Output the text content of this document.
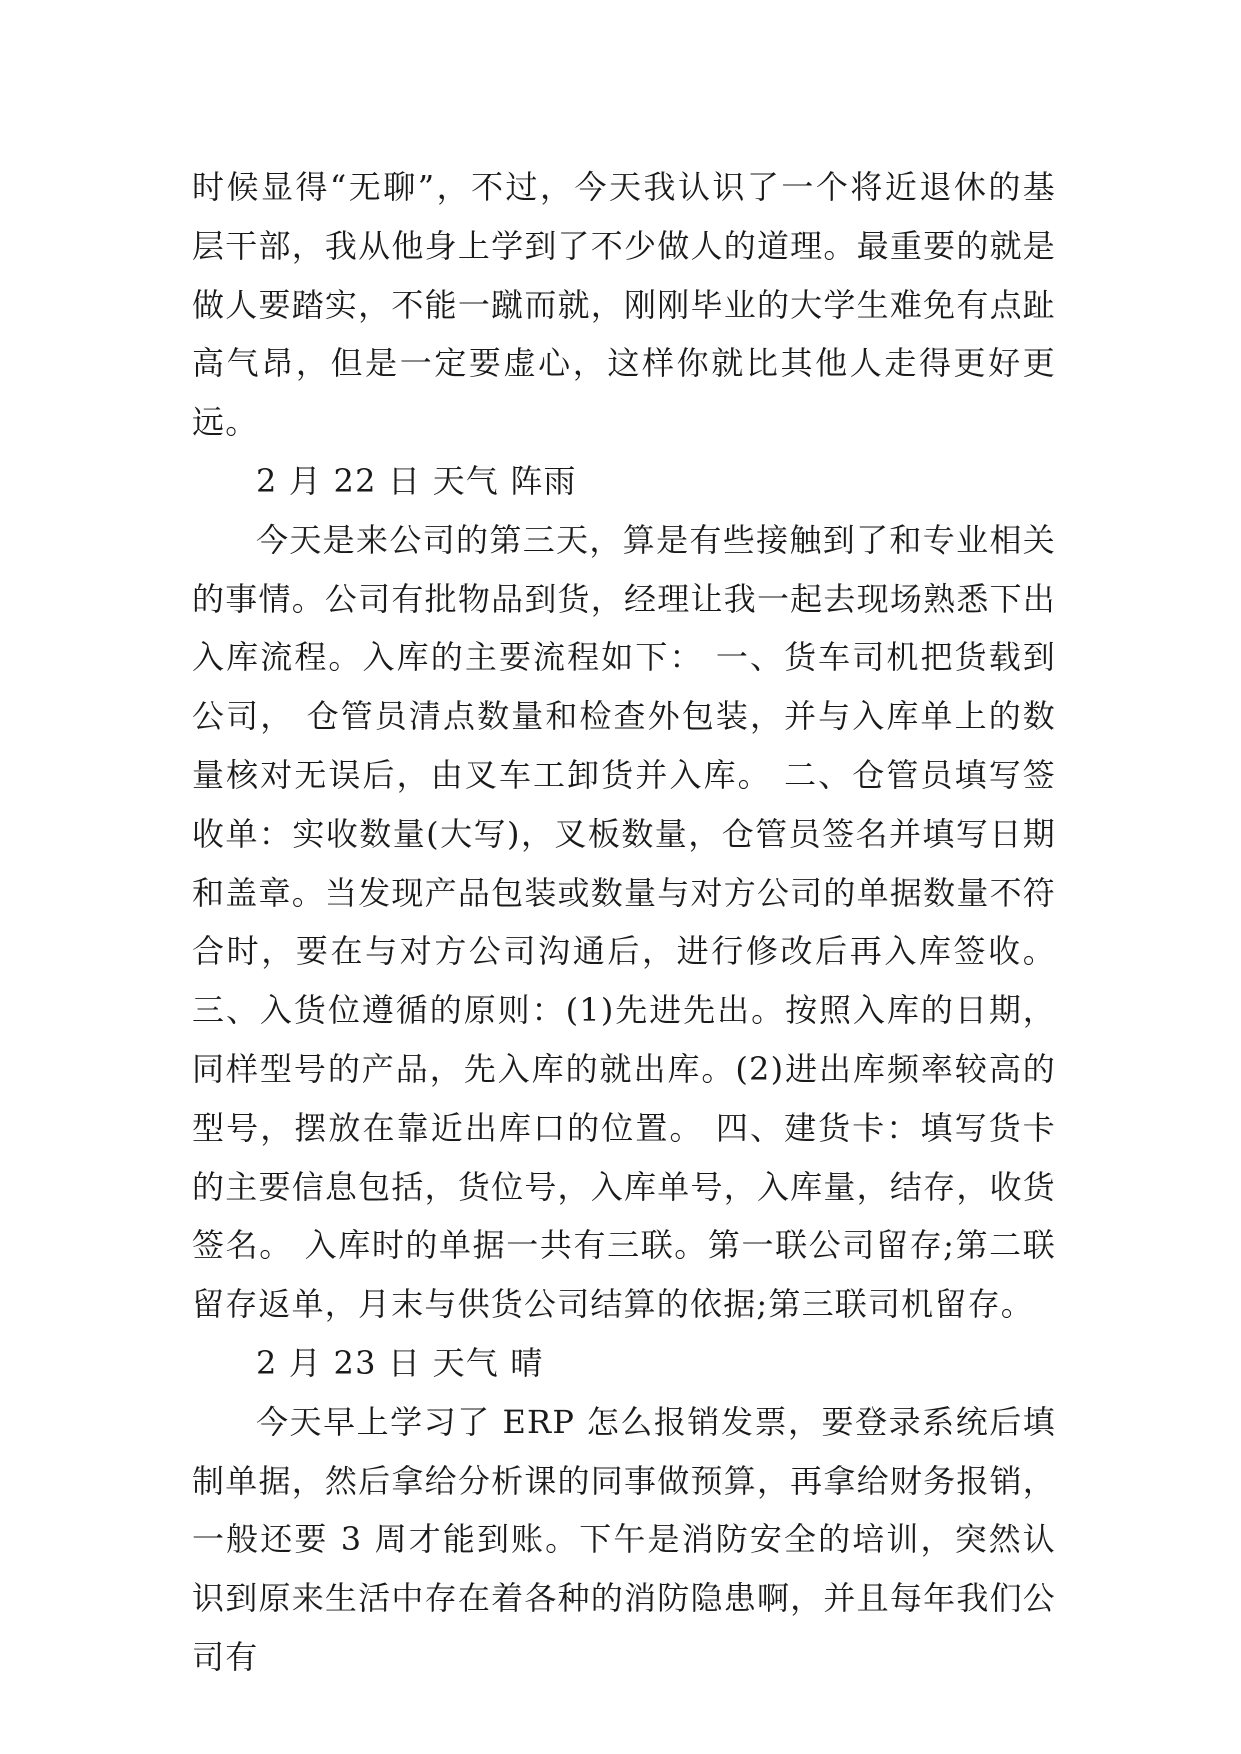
时候显得“无聊”，不过，今天我认识了一个将近退休的基层干部，我从他身上学到了不少做人的道理。最重要的就是做人要踏实，不能一蹴而就，刚刚毕业的大学生难免有点趾高气昂，但是一定要虚心，这样你就比其他人走得更好更远。

2 月 22 日 天气 阵雨

今天是来公司的第三天，算是有些接触到了和专业相关的事情。公司有批物品到货，经理让我一起去现场熟悉下出入库流程。入库的主要流程如下： 一、货车司机把货载到公司， 仓管员清点数量和检查外包装，并与入库单上的数量核对无误后，由叉车工卸货并入库。 二、仓管员填写签收单：实收数量(大写)，叉板数量，仓管员签名并填写日期和盖章。当发现产品包装或数量与对方公司的单据数量不符合时，要在与对方公司沟通后，进行修改后再入库签收。三、入货位遵循的原则：(1)先进先出。按照入库的日期，同样型号的产品，先入库的就出库。(2)进出库频率较高的型号，摆放在靠近出库口的位置。 四、建货卡：填写货卡的主要信息包括，货位号，入库单号，入库量，结存，收货签名。 入库时的单据一共有三联。第一联公司留存;第二联留存返单，月末与供货公司结算的依据;第三联司机留存。

2 月 23 日 天气 晴

今天早上学习了 ERP 怎么报销发票，要登录系统后填制单据，然后拿给分析课的同事做预算，再拿给财务报销，一般还要 3 周才能到账。下午是消防安全的培训，突然认识到原来生活中存在着各种的消防隐患啊，并且每年我们公司有
